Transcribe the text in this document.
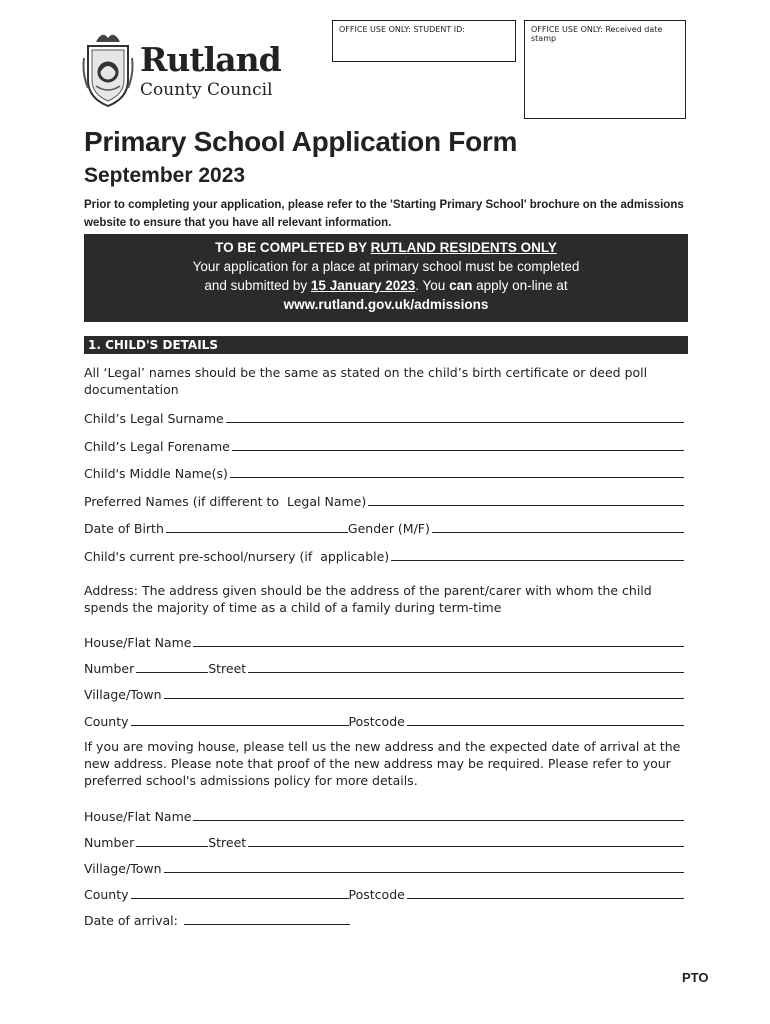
OFFICE USE ONLY: STUDENT ID:	OFFICE USE ONLY: Received date stamp
Rutland
County Council
Primary School Application Form
September 2023
Prior to completing your application, please refer to the 'Starting Primary School' brochure on the admissions website to ensure that you have all relevant information.
TO BE COMPLETED BY RUTLAND RESIDENTS ONLY
Your application for a place at primary school must be completed
and submitted by 15 January 2023. You can apply on-line at
www.rutland.gov.uk/admissions
1. CHILD'S DETAILS
All ‘Legal’ names should be the same as stated on the child’s birth certificate or deed poll documentation
Child’s Legal Surname
Child’s Legal Forename
Child's Middle Name(s)
Preferred Names (if different to  Legal Name)
Date of Birth	Gender (M/F)
Child's current pre-school/nursery (if  applicable)
Address: The address given should be the address of the parent/carer with whom the child spends the majority of time as a child of a family during term-time
House/Flat Name
Number	Street
Village/Town
County	Postcode
If you are moving house, please tell us the new address and the expected date of arrival at the new address. Please note that proof of the new address may be required. Please refer to your preferred school's admissions policy for more details.
House/Flat Name
Number	Street
Village/Town
County	Postcode
Date of arrival:
PTO
